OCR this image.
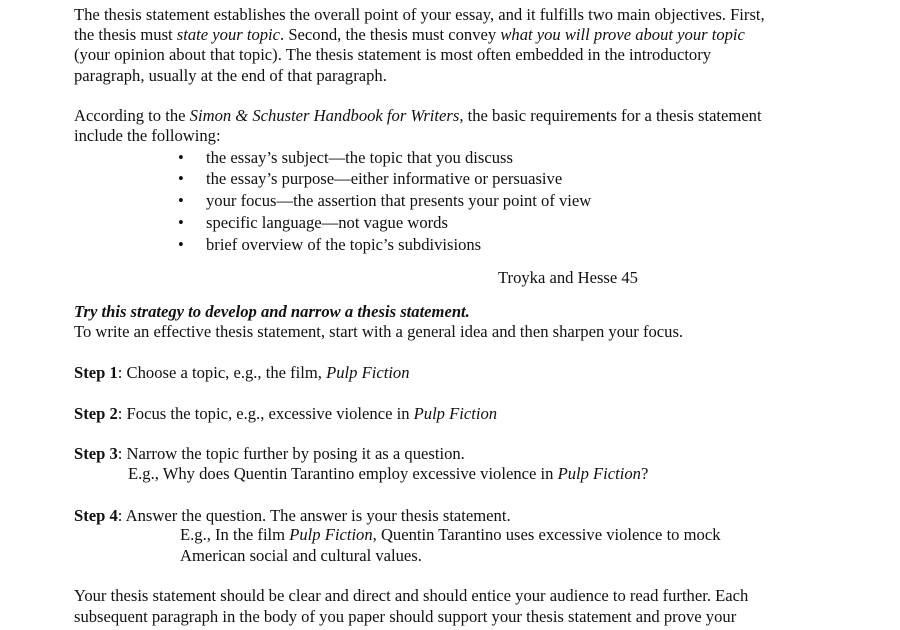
The thesis statement establishes the overall point of your essay, and it fulfills two main objectives. First,
the thesis must state your topic. Second, the thesis must convey what you will prove about your topic
(your opinion about that topic). The thesis statement is most often embedded in the introductory
paragraph, usually at the end of that paragraph.
According to the Simon & Schuster Handbook for Writers, the basic requirements for a thesis statement
include the following:
• the essay’s subject—the topic that you discuss
• the essay’s purpose—either informative or persuasive
• your focus—the assertion that presents your point of view
• specific language—not vague words
• brief overview of the topic’s subdivisions
Troyka and Hesse 45
Try this strategy to develop and narrow a thesis statement.
To write an effective thesis statement, start with a general idea and then sharpen your focus.
Step 1: Choose a topic, e.g., the film, Pulp Fiction
Step 2: Focus the topic, e.g., excessive violence in Pulp Fiction
Step 3: Narrow the topic further by posing it as a question.
E.g., Why does Quentin Tarantino employ excessive violence in Pulp Fiction?
Step 4: Answer the question. The answer is your thesis statement.
E.g., In the film Pulp Fiction, Quentin Tarantino uses excessive violence to mock
American social and cultural values.
Your thesis statement should be clear and direct and should entice your audience to read further. Each
subsequent paragraph in the body of you paper should support your thesis statement and prove your
